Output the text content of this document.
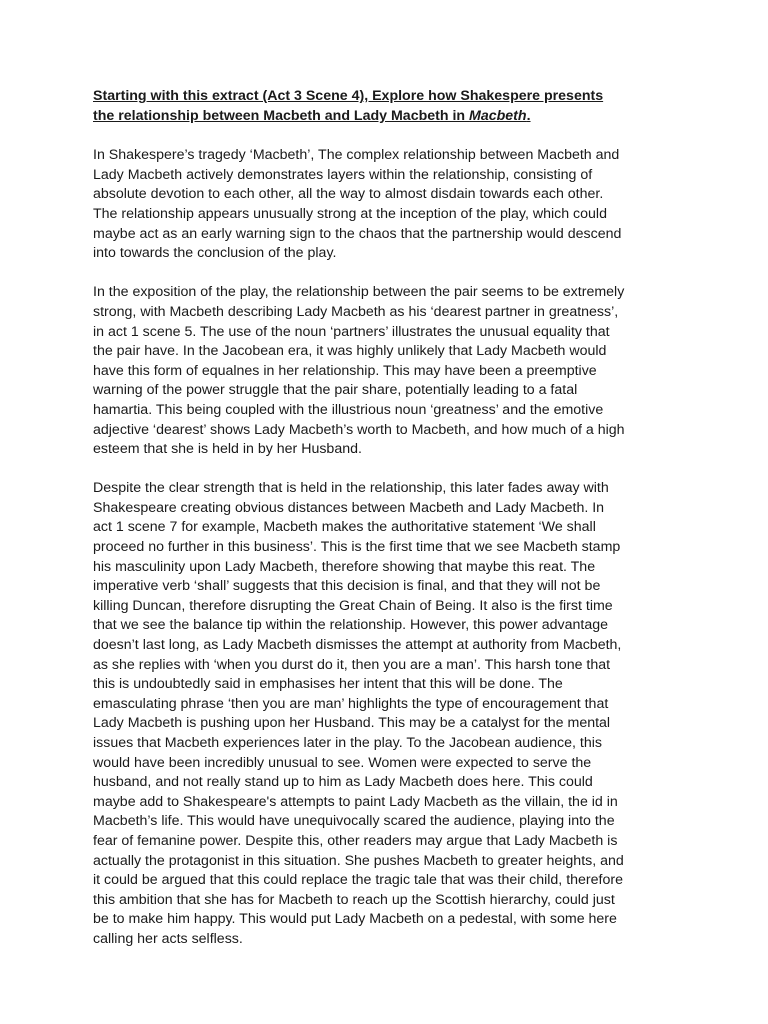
Starting with this extract (Act 3 Scene 4), Explore how Shakespere presents
the relationship between Macbeth and Lady Macbeth in Macbeth.
In Shakespere’s tragedy ‘Macbeth’, The complex relationship between Macbeth and
Lady Macbeth actively demonstrates layers within the relationship, consisting of
absolute devotion to each other, all the way to almost disdain towards each other.
The relationship appears unusually strong at the inception of the play, which could
maybe act as an early warning sign to the chaos that the partnership would descend
into towards the conclusion of the play.
In the exposition of the play, the relationship between the pair seems to be extremely
strong, with Macbeth describing Lady Macbeth as his ‘dearest partner in greatness’,
in act 1 scene 5. The use of the noun ‘partners’ illustrates the unusual equality that
the pair have. In the Jacobean era, it was highly unlikely that Lady Macbeth would
have this form of equalnes in her relationship. This may have been a preemptive
warning of the power struggle that the pair share, potentially leading to a fatal
hamartia. This being coupled with the illustrious noun ‘greatness’ and the emotive
adjective ‘dearest’ shows Lady Macbeth’s worth to Macbeth, and how much of a high
esteem that she is held in by her Husband.
Despite the clear strength that is held in the relationship, this later fades away with
Shakespeare creating obvious distances between Macbeth and Lady Macbeth. In
act 1 scene 7 for example, Macbeth makes the authoritative statement ‘We shall
proceed no further in this business’. This is the first time that we see Macbeth stamp
his masculinity upon Lady Macbeth, therefore showing that maybe this reat. The
imperative verb ‘shall’ suggests that this decision is final, and that they will not be
killing Duncan, therefore disrupting the Great Chain of Being. It also is the first time
that we see the balance tip within the relationship. However, this power advantage
doesn’t last long, as Lady Macbeth dismisses the attempt at authority from Macbeth,
as she replies with ‘when you durst do it, then you are a man’. This harsh tone that
this is undoubtedly said in emphasises her intent that this will be done. The
emasculating phrase ‘then you are man’ highlights the type of encouragement that
Lady Macbeth is pushing upon her Husband. This may be a catalyst for the mental
issues that Macbeth experiences later in the play. To the Jacobean audience, this
would have been incredibly unusual to see. Women were expected to serve the
husband, and not really stand up to him as Lady Macbeth does here. This could
maybe add to Shakespeare's attempts to paint Lady Macbeth as the villain, the id in
Macbeth’s life. This would have unequivocally scared the audience, playing into the
fear of femanine power. Despite this, other readers may argue that Lady Macbeth is
actually the protagonist in this situation. She pushes Macbeth to greater heights, and
it could be argued that this could replace the tragic tale that was their child, therefore
this ambition that she has for Macbeth to reach up the Scottish hierarchy, could just
be to make him happy. This would put Lady Macbeth on a pedestal, with some here
calling her acts selfless.
